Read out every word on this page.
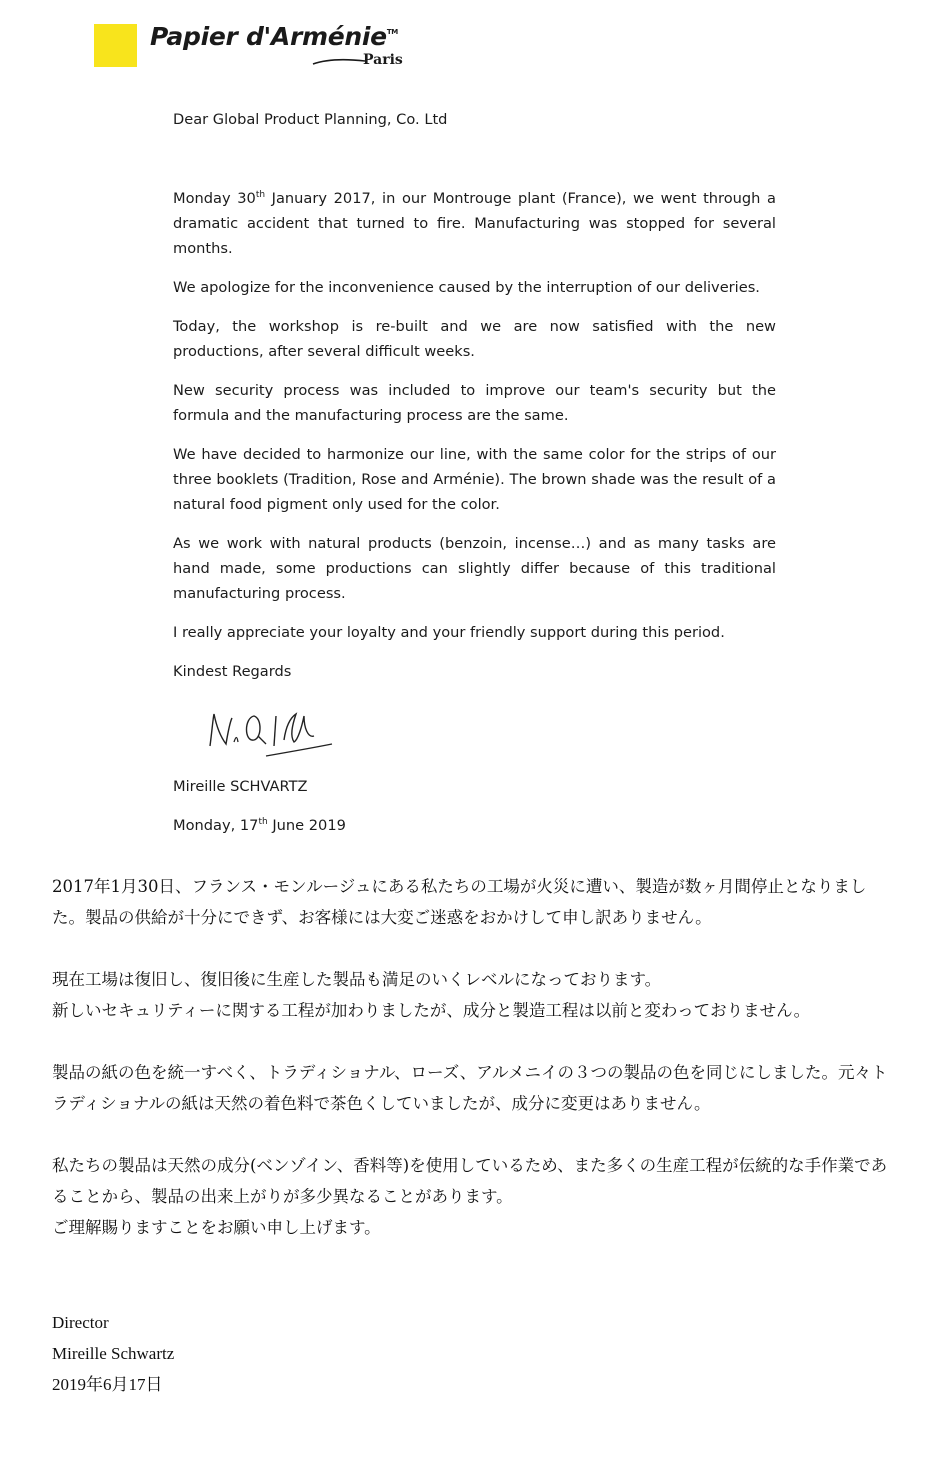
Papier d'Arménie™
Paris

Dear Global Product Planning, Co. Ltd

Monday 30th January 2017, in our Montrouge plant (France), we went through a dramatic accident that turned to fire. Manufacturing was stopped for several months.

We apologize for the inconvenience caused by the interruption of our deliveries.

Today, the workshop is re-built and we are now satisfied with the new productions, after several difficult weeks.

New security process was included to improve our team's security but the formula and the manufacturing process are the same.

We have decided to harmonize our line, with the same color for the strips of our three booklets (Tradition, Rose and Arménie). The brown shade was the result of a natural food pigment only used for the color.

As we work with natural products (benzoin, incense…) and as many tasks are hand made, some productions can slightly differ because of this traditional manufacturing process.

I really appreciate your loyalty and your friendly support during this period.

Kindest Regards

Mireille SCHVARTZ
Monday, 17th June 2019

2017年1月30日、フランス・モンルージュにある私たちの工場が火災に遭い、製造が数ヶ月間停止となりました。製品の供給が十分にできず、お客様には大変ご迷惑をおかけして申し訳ありません。

現在工場は復旧し、復旧後に生産した製品も満足のいくレベルになっております。

新しいセキュリティーに関する工程が加わりましたが、成分と製造工程は以前と変わっておりません。

製品の紙の色を統一すべく、トラディショナル、ローズ、アルメニイの３つの製品の色を同じにしました。元々トラディショナルの紙は天然の着色料で茶色くしていましたが、成分に変更はありません。

私たちの製品は天然の成分(ベンゾイン、香料等)を使用しているため、また多くの生産工程が伝統的な手作業であることから、製品の出来上がりが多少異なることがあります。

ご理解賜りますことをお願い申し上げます。

Director
Mireille Schwartz
2019年6月17日
